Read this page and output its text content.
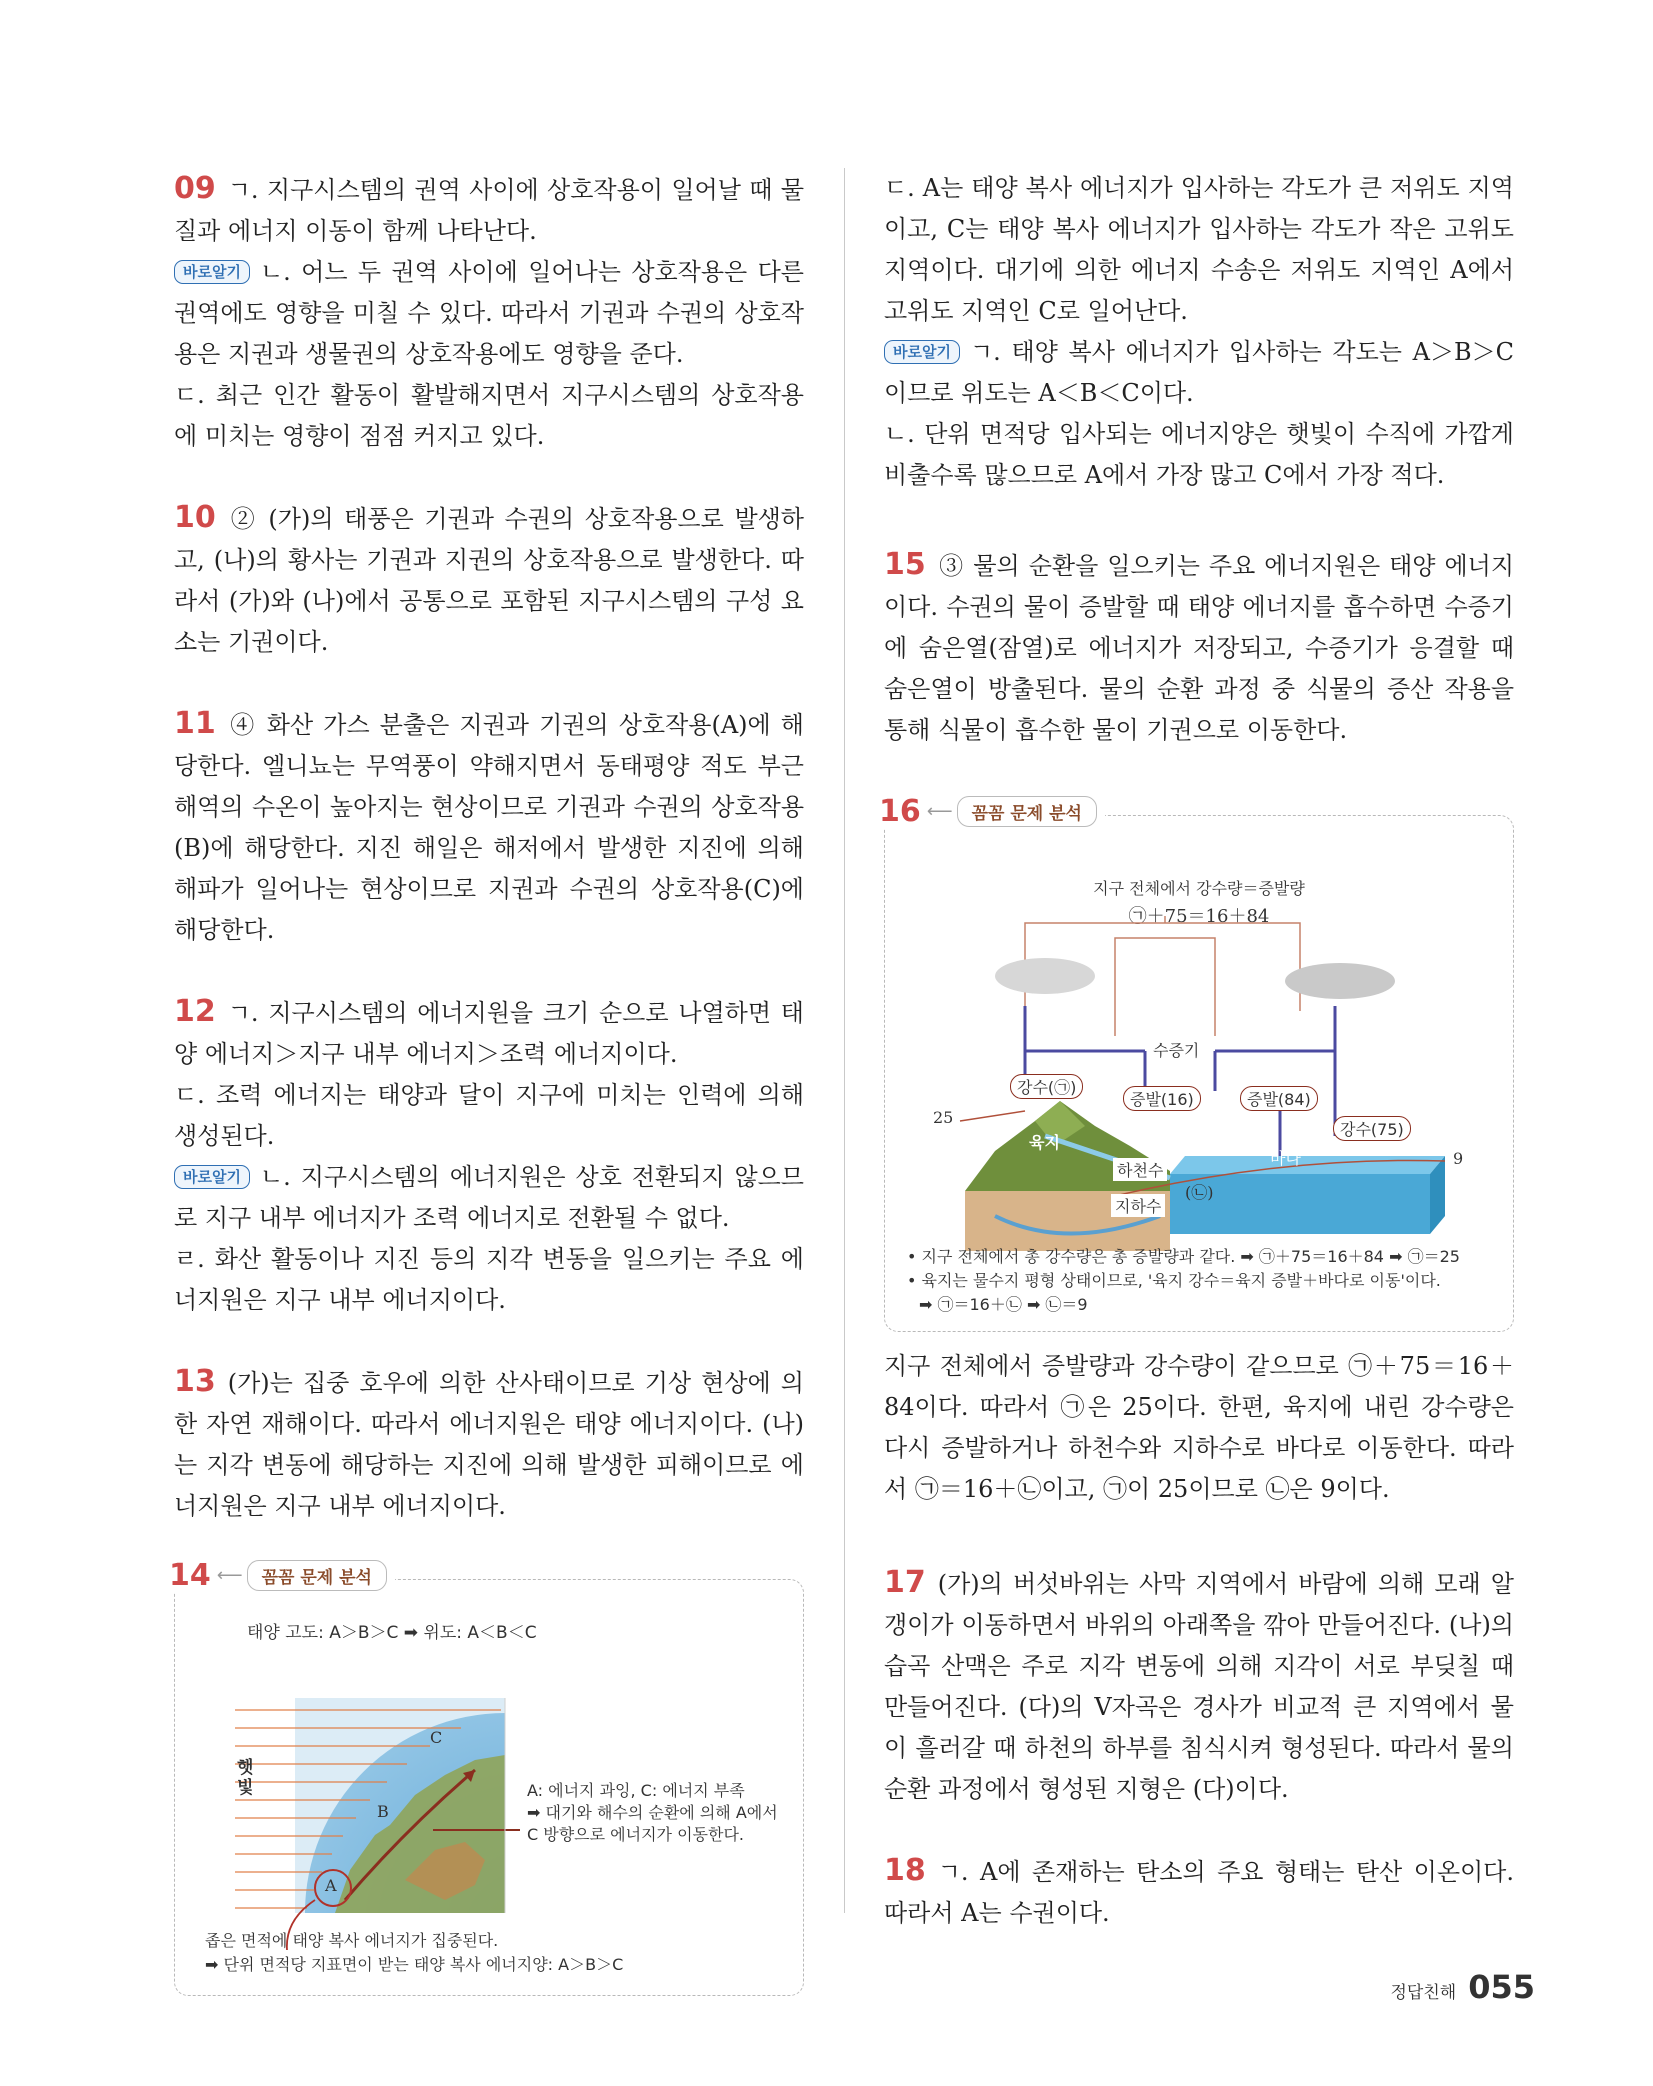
09 ㄱ. 지구시스템의 권역 사이에 상호작용이 일어날 때 물질과 에너지 이동이 함께 나타난다.

바로알기 ㄴ. 어느 두 권역 사이에 일어나는 상호작용은 다른 권역에도 영향을 미칠 수 있다. 따라서 기권과 수권의 상호작용은 지권과 생물권의 상호작용에도 영향을 준다.

ㄷ. 최근 인간 활동이 활발해지면서 지구시스템의 상호작용에 미치는 영향이 점점 커지고 있다.

10 ② (가)의 태풍은 기권과 수권의 상호작용으로 발생하고, (나)의 황사는 기권과 지권의 상호작용으로 발생한다. 따라서 (가)와 (나)에서 공통으로 포함된 지구시스템의 구성 요소는 기권이다.

11 ④ 화산 가스 분출은 지권과 기권의 상호작용(A)에 해당한다. 엘니뇨는 무역풍이 약해지면서 동태평양 적도 부근 해역의 수온이 높아지는 현상이므로 기권과 수권의 상호작용(B)에 해당한다. 지진 해일은 해저에서 발생한 지진에 의해 해파가 일어나는 현상이므로 지권과 수권의 상호작용(C)에 해당한다.

12 ㄱ. 지구시스템의 에너지원을 크기 순으로 나열하면 태양 에너지＞지구 내부 에너지＞조력 에너지이다.

ㄷ. 조력 에너지는 태양과 달이 지구에 미치는 인력에 의해 생성된다.

바로알기 ㄴ. 지구시스템의 에너지원은 상호 전환되지 않으므로 지구 내부 에너지가 조력 에너지로 전환될 수 없다.

ㄹ. 화산 활동이나 지진 등의 지각 변동을 일으키는 주요 에너지원은 지구 내부 에너지이다.

13 (가)는 집중 호우에 의한 산사태이므로 기상 현상에 의한 자연 재해이다. 따라서 에너지원은 태양 에너지이다. (나)는 지각 변동에 해당하는 지진에 의해 발생한 피해이므로 에너지원은 지구 내부 에너지이다.

14 ⟵	꼼꼼 문제 분석
태양 고도: A＞B＞C ➡ 위도: A＜B＜C
햇빛
A
B
C
A: 에너지 과잉, C: 에너지 부족
➡ 대기와 해수의 순환에 의해 A에서
C 방향으로 에너지가 이동한다.
좁은 면적에 태양 복사 에너지가 집중된다.
➡ 단위 면적당 지표면이 받는 태양 복사 에너지양: A＞B＞C

ㄷ. A는 태양 복사 에너지가 입사하는 각도가 큰 저위도 지역이고, C는 태양 복사 에너지가 입사하는 각도가 작은 고위도 지역이다. 대기에 의한 에너지 수송은 저위도 지역인 A에서 고위도 지역인 C로 일어난다.

바로알기 ㄱ. 태양 복사 에너지가 입사하는 각도는 A＞B＞C이므로 위도는 A＜B＜C이다.

ㄴ. 단위 면적당 입사되는 에너지양은 햇빛이 수직에 가깝게 비출수록 많으므로 A에서 가장 많고 C에서 가장 적다.

15 ③ 물의 순환을 일으키는 주요 에너지원은 태양 에너지이다. 수권의 물이 증발할 때 태양 에너지를 흡수하면 수증기에 숨은열(잠열)로 에너지가 저장되고, 수증기가 응결할 때 숨은열이 방출된다. 물의 순환 과정 중 식물의 증산 작용을 통해 식물이 흡수한 물이 기권으로 이동한다.

16 ⟵	꼼꼼 문제 분석
지구 전체에서 강수량＝증발량
㉠＋75＝16＋84
수증기
강수(㉠)
증발(16)	증발(84)
강수(75)
25
9
육지
하천수
바다
지하수
(㉡)
• 지구 전체에서 총 강수량은 총 증발량과 같다. ➡ ㉠＋75＝16＋84 ➡ ㉠＝25
• 육지는 물수지 평형 상태이므로, '육지 강수＝육지 증발＋바다로 이동'이다.
➡ ㉠＝16＋㉡ ➡ ㉡＝9

지구 전체에서 증발량과 강수량이 같으므로 ㉠＋75＝16＋84이다. 따라서 ㉠은 25이다. 한편, 육지에 내린 강수량은 다시 증발하거나 하천수와 지하수로 바다로 이동한다. 따라서 ㉠＝16＋㉡이고, ㉠이 25이므로 ㉡은 9이다.

17 (가)의 버섯바위는 사막 지역에서 바람에 의해 모래 알갱이가 이동하면서 바위의 아래쪽을 깎아 만들어진다. (나)의 습곡 산맥은 주로 지각 변동에 의해 지각이 서로 부딪칠 때 만들어진다. (다)의 V자곡은 경사가 비교적 큰 지역에서 물이 흘러갈 때 하천의 하부를 침식시켜 형성된다. 따라서 물의 순환 과정에서 형성된 지형은 (다)이다.

18 ㄱ. A에 존재하는 탄소의 주요 형태는 탄산 이온이다. 따라서 A는 수권이다.

정답친해 055
